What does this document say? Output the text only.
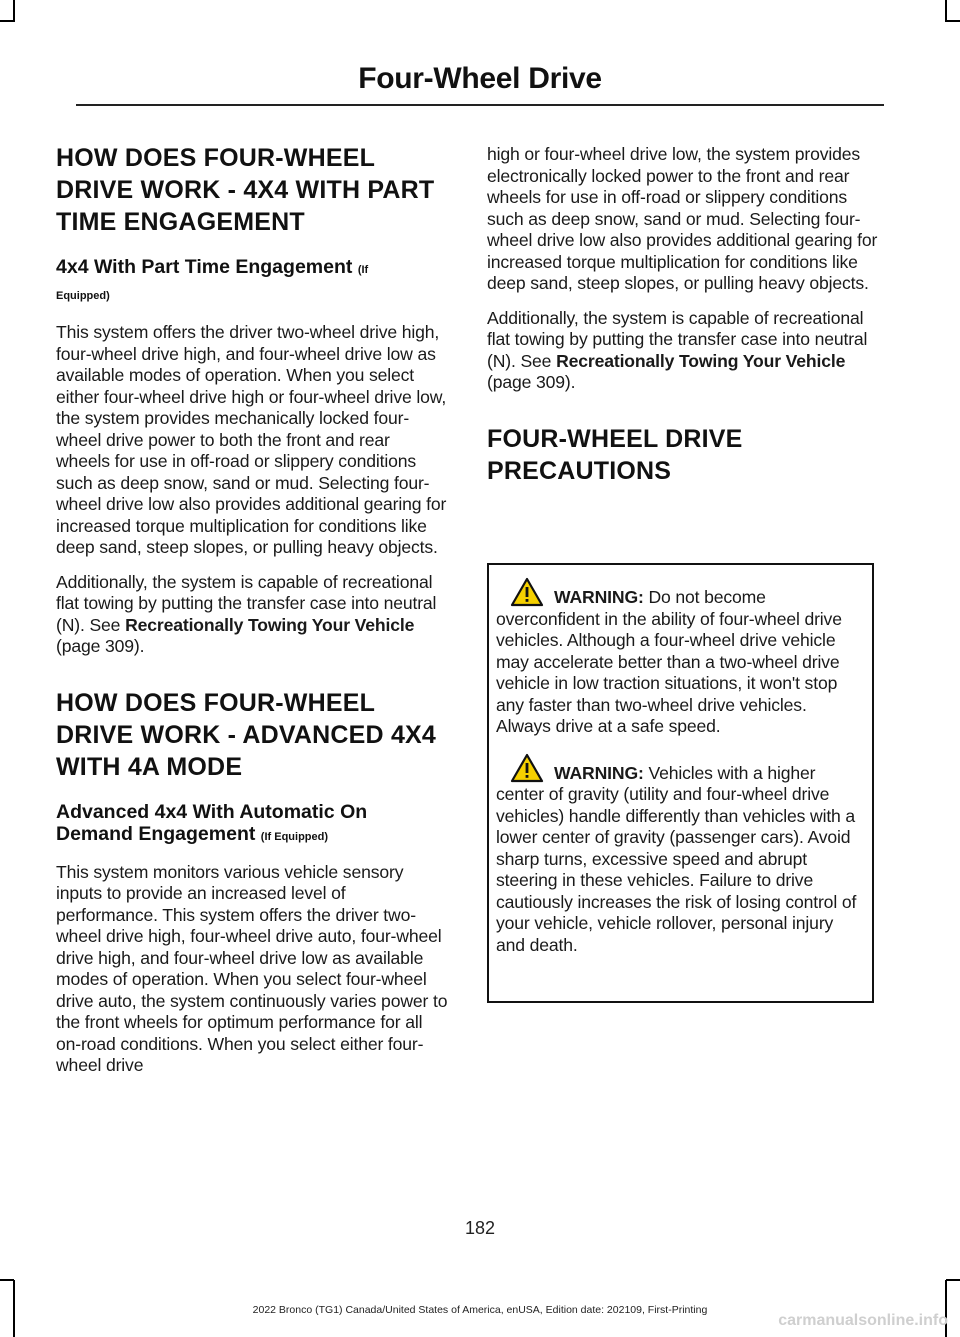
Four-Wheel Drive
HOW DOES FOUR-WHEEL
DRIVE WORK - 4X4 WITH PART
TIME ENGAGEMENT
4x4 With Part Time Engagement (If
Equipped)

This system offers the driver two-wheel drive high, four-wheel drive high, and four-wheel drive low as available modes of operation. When you select either four-wheel drive high or four-wheel drive low, the system provides mechanically locked four-wheel drive power to both the front and rear wheels for use in off-road or slippery conditions such as deep snow, sand or mud. Selecting four-wheel drive low also provides additional gearing for increased torque multiplication for conditions like deep sand, steep slopes, or pulling heavy objects.

Additionally, the system is capable of recreational flat towing by putting the transfer case into neutral (N). See Recreationally Towing Your Vehicle
(page 309).

HOW DOES FOUR-WHEEL
DRIVE WORK - ADVANCED 4X4
WITH 4A MODE
Advanced 4x4 With Automatic On Demand Engagement (If Equipped)

This system monitors various vehicle sensory inputs to provide an increased level of performance. This system offers the driver two-wheel drive high, four-wheel drive auto, four-wheel drive high, and four-wheel drive low as available modes of operation. When you select four-wheel drive auto, the system continuously varies power to the front wheels for optimum performance for all on-road conditions. When you select either four-wheel drive

high or four-wheel drive low, the system provides electronically locked power to the front and rear wheels for use in off-road or slippery conditions such as deep snow, sand or mud. Selecting four-wheel drive low also provides additional gearing for increased torque multiplication for conditions like deep sand, steep slopes, or pulling heavy objects.

Additionally, the system is capable of recreational flat towing by putting the transfer case into neutral (N). See Recreationally Towing Your Vehicle
(page 309).

FOUR-WHEEL DRIVE
PRECAUTIONS
WARNING: Do not become overconfident in the ability of four-wheel drive vehicles. Although a four-wheel drive vehicle may accelerate better than a two-wheel drive vehicle in low traction situations, it won't stop any faster than two-wheel drive vehicles. Always drive at a safe speed.
WARNING: Vehicles with a higher center of gravity (utility and four-wheel drive vehicles) handle differently than vehicles with a lower center of gravity (passenger cars). Avoid sharp turns, excessive speed and abrupt steering in these vehicles. Failure to drive cautiously increases the risk of losing control of your vehicle, vehicle rollover, personal injury and death.
182
2022 Bronco (TG1) Canada/United States of America, enUSA, Edition date: 202109, First-Printing
carmanualsonline.info
